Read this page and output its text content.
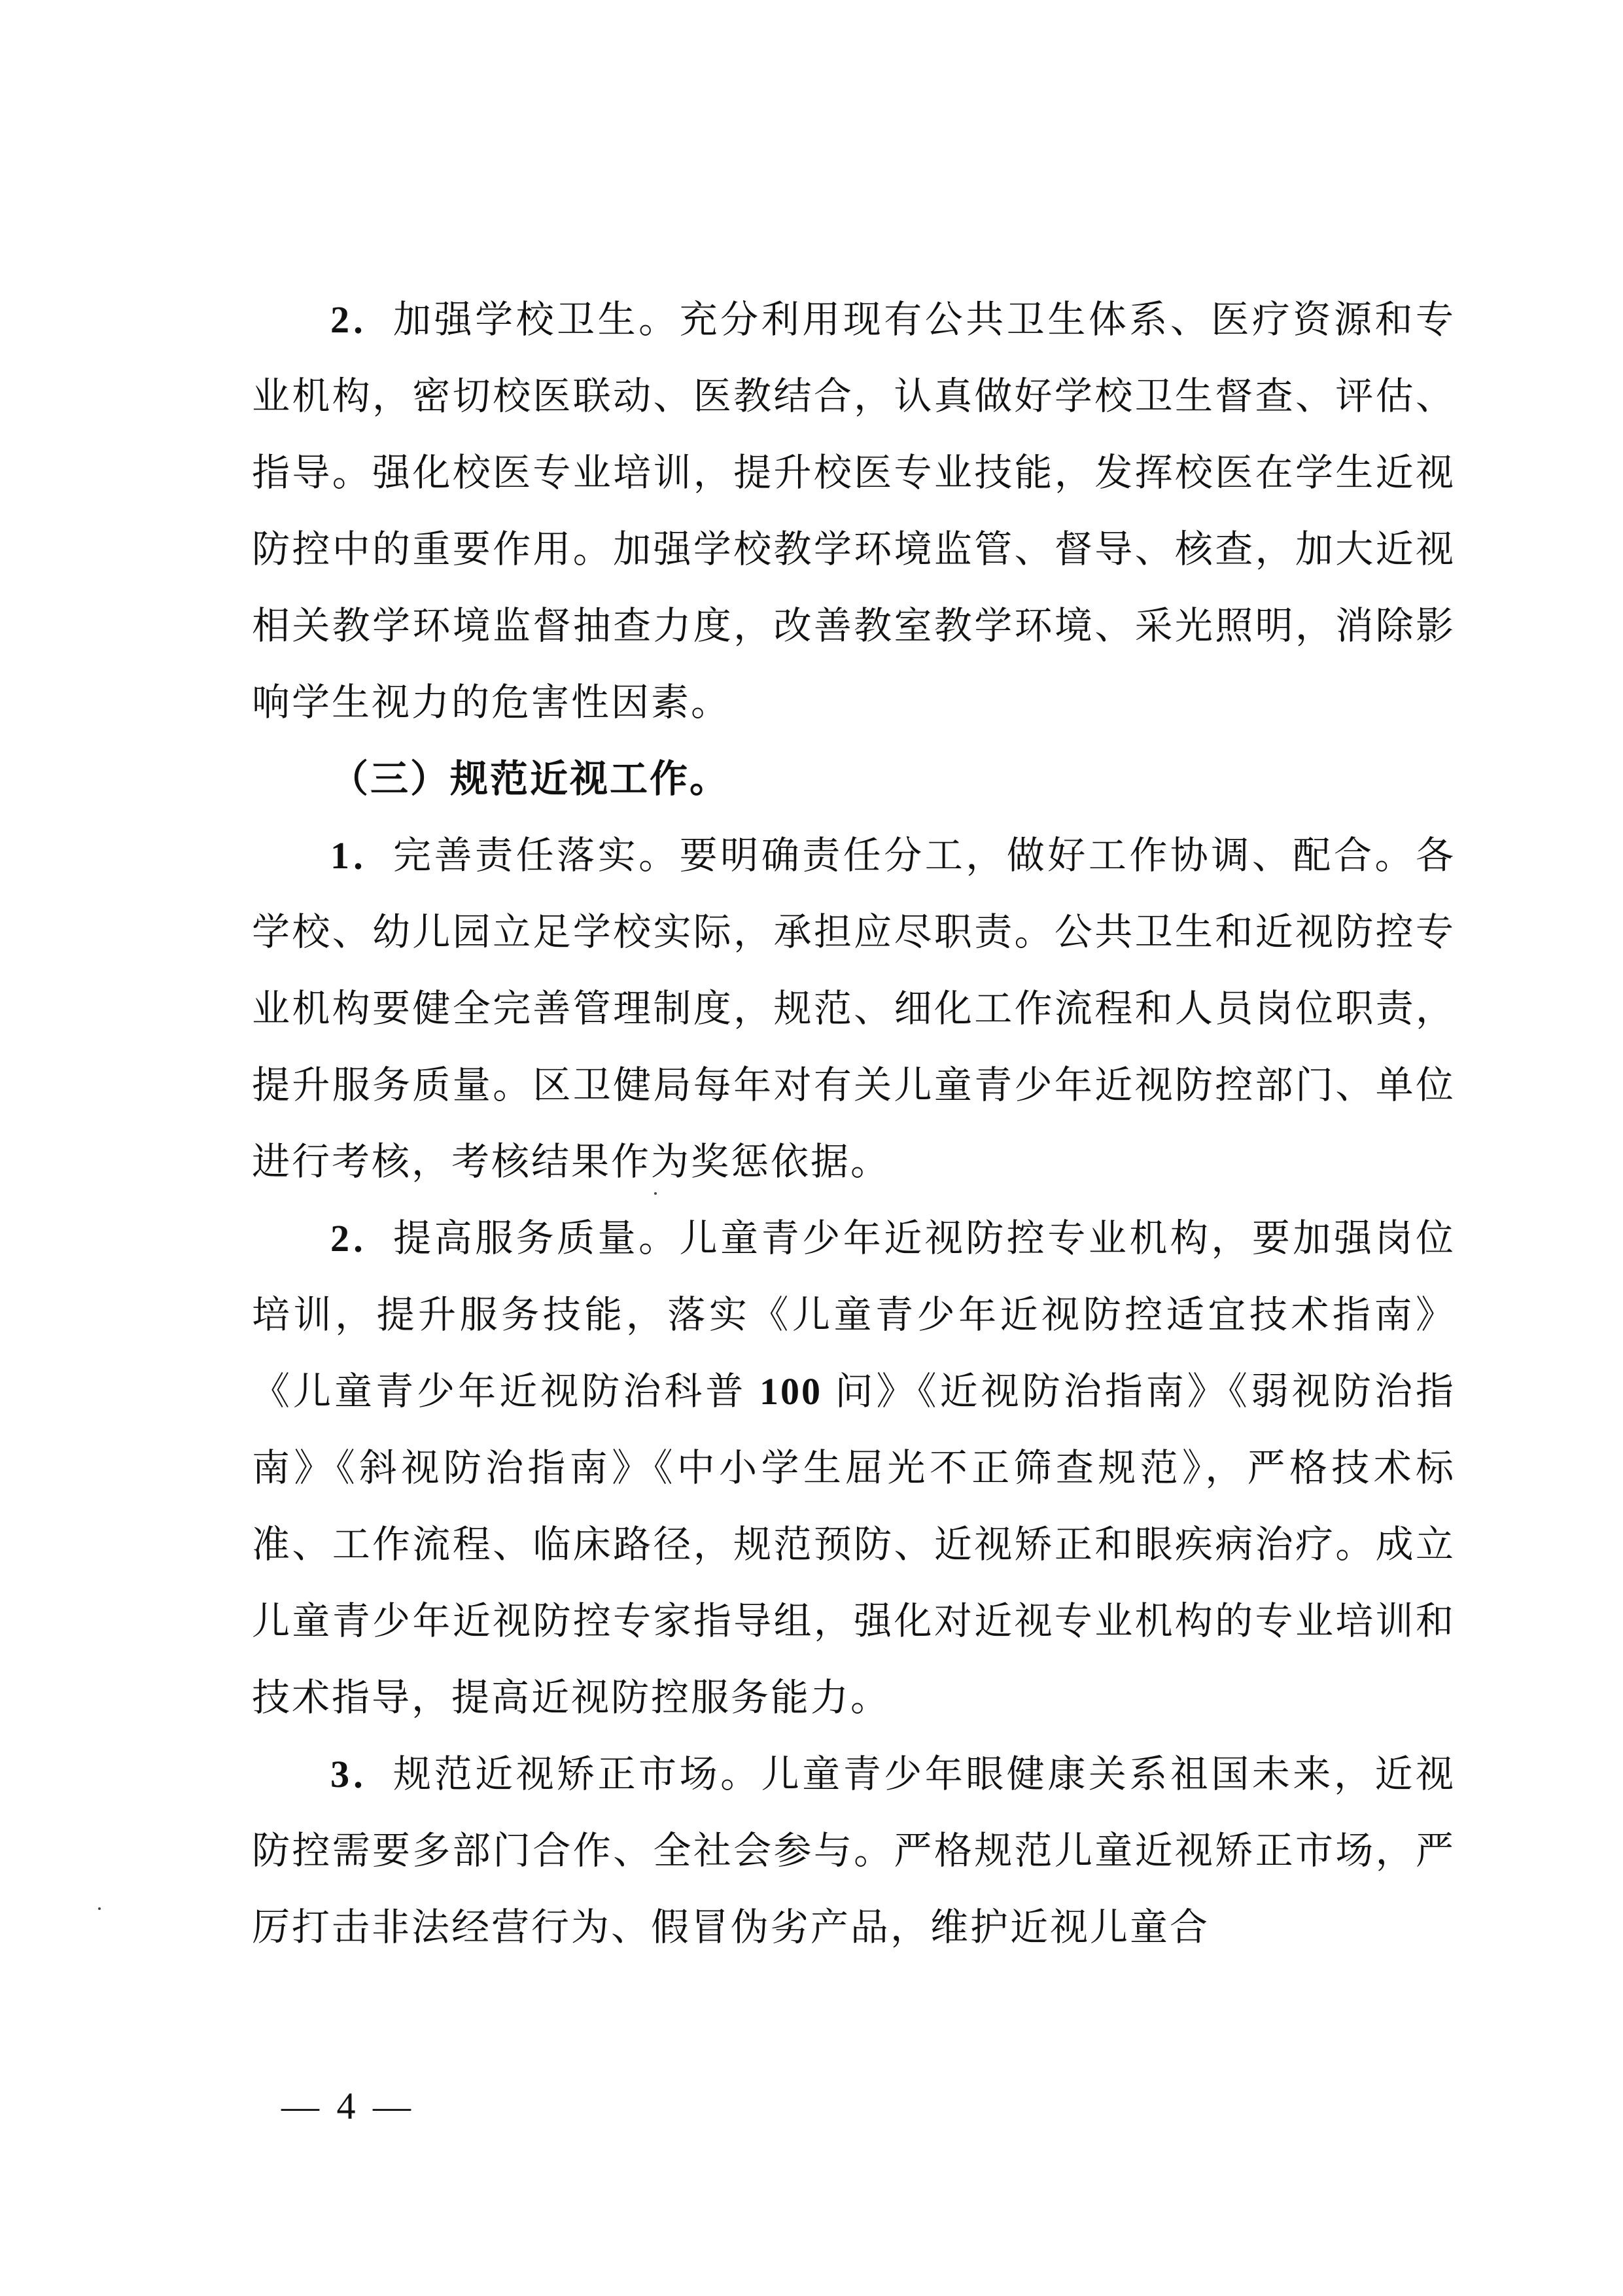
2．加强学校卫生。充分利用现有公共卫生体系、医疗资源和专业机构，密切校医联动、医教结合，认真做好学校卫生督查、评估、指导。强化校医专业培训，提升校医专业技能，发挥校医在学生近视防控中的重要作用。加强学校教学环境监管、督导、核查，加大近视相关教学环境监督抽查力度，改善教室教学环境、采光照明，消除影响学生视力的危害性因素。

（三）规范近视工作。

1．完善责任落实。要明确责任分工，做好工作协调、配合。各学校、幼儿园立足学校实际，承担应尽职责。公共卫生和近视防控专业机构要健全完善管理制度，规范、细化工作流程和人员岗位职责，提升服务质量。区卫健局每年对有关儿童青少年近视防控部门、单位进行考核，考核结果作为奖惩依据。

2．提高服务质量。儿童青少年近视防控专业机构，要加强岗位培训，提升服务技能，落实《儿童青少年近视防控适宜技术指南》《儿童青少年近视防治科普 100 问》《近视防治指南》《弱视防治指南》《斜视防治指南》《中小学生屈光不正筛查规范》，严格技术标准、工作流程、临床路径，规范预防、近视矫正和眼疾病治疗。成立儿童青少年近视防控专家指导组，强化对近视专业机构的专业培训和技术指导，提高近视防控服务能力。

3．规范近视矫正市场。儿童青少年眼健康关系祖国未来，近视防控需要多部门合作、全社会参与。严格规范儿童近视矫正市场，严厉打击非法经营行为、假冒伪劣产品，维护近视儿童合

— 4 —
